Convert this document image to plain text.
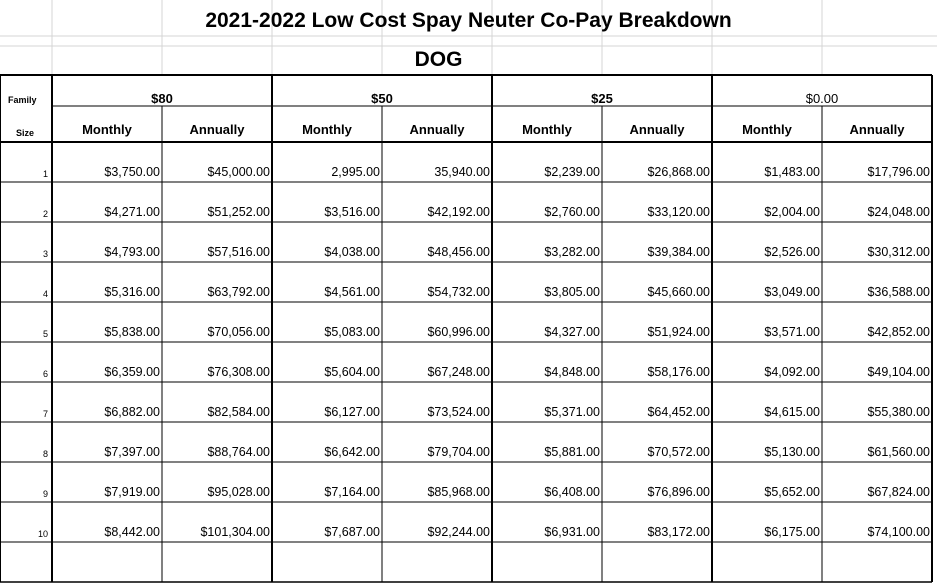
2021-2022 Low Cost Spay Neuter Co-Pay Breakdown
DOG
Family
Size
$80	$50	$25	$0.00
Monthly	Annually	Monthly	Annually	Monthly	Annually	Monthly	Annually
1	$3,750.00	$45,000.00	2,995.00	35,940.00	$2,239.00	$26,868.00	$1,483.00	$17,796.00
2	$4,271.00	$51,252.00	$3,516.00	$42,192.00	$2,760.00	$33,120.00	$2,004.00	$24,048.00
3	$4,793.00	$57,516.00	$4,038.00	$48,456.00	$3,282.00	$39,384.00	$2,526.00	$30,312.00
4	$5,316.00	$63,792.00	$4,561.00	$54,732.00	$3,805.00	$45,660.00	$3,049.00	$36,588.00
5	$5,838.00	$70,056.00	$5,083.00	$60,996.00	$4,327.00	$51,924.00	$3,571.00	$42,852.00
6	$6,359.00	$76,308.00	$5,604.00	$67,248.00	$4,848.00	$58,176.00	$4,092.00	$49,104.00
7	$6,882.00	$82,584.00	$6,127.00	$73,524.00	$5,371.00	$64,452.00	$4,615.00	$55,380.00
8	$7,397.00	$88,764.00	$6,642.00	$79,704.00	$5,881.00	$70,572.00	$5,130.00	$61,560.00
9	$7,919.00	$95,028.00	$7,164.00	$85,968.00	$6,408.00	$76,896.00	$5,652.00	$67,824.00
10	$8,442.00	$101,304.00	$7,687.00	$92,244.00	$6,931.00	$83,172.00	$6,175.00	$74,100.00
